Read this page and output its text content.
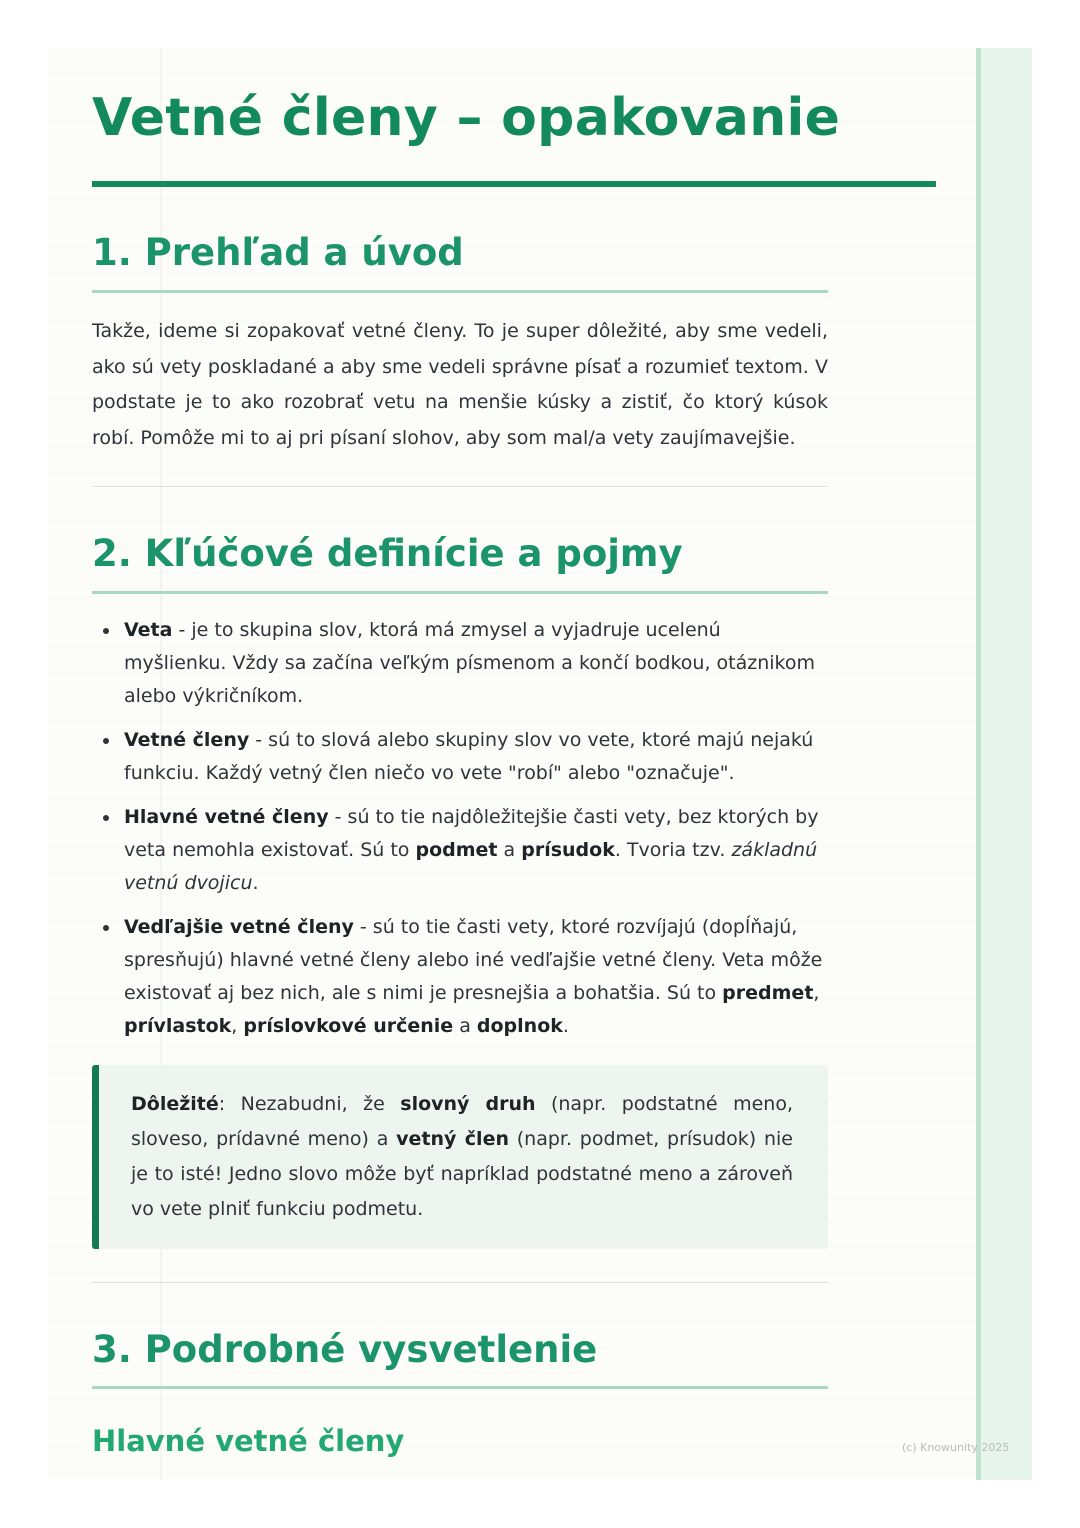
Vetné členy – opakovanie
1. Prehľad a úvod

Takže, ideme si zopakovať vetné členy. To je super dôležité, aby sme vedeli, ako sú vety poskladané a aby sme vedeli správne písať a rozumieť textom. V podstate je to ako rozobrať vetu na menšie kúsky a zistiť, čo ktorý kúsok robí. Pomôže mi to aj pri písaní slohov, aby som mal/a vety zaujímavejšie.

2. Kľúčové definície a pojmy
Veta - je to skupina slov, ktorá má zmysel a vyjadruje ucelenú myšlienku. Vždy sa začína veľkým písmenom a končí bodkou, otáznikom alebo výkričníkom.
Vetné členy - sú to slová alebo skupiny slov vo vete, ktoré majú nejakú funkciu. Každý vetný člen niečo vo vete "robí" alebo "označuje".
Hlavné vetné členy - sú to tie najdôležitejšie časti vety, bez ktorých by veta nemohla existovať. Sú to podmet a prísudok. Tvoria tzv. základnú vetnú dvojicu.
Vedľajšie vetné členy - sú to tie časti vety, ktoré rozvíjajú (dopĺňajú, spresňujú) hlavné vetné členy alebo iné vedľajšie vetné členy. Veta môže existovať aj bez nich, ale s nimi je presnejšia a bohatšia. Sú to predmet, prívlastok, príslovkové určenie a doplnok.

Dôležité: Nezabudni, že slovný druh (napr. podstatné meno, sloveso, prídavné meno) a vetný člen (napr. podmet, prísudok) nie je to isté! Jedno slovo môže byť napríklad podstatné meno a zároveň vo vete plniť funkciu podmetu.

3. Podrobné vysvetlenie
Hlavné vetné členy	(c) Knowunity 2025
